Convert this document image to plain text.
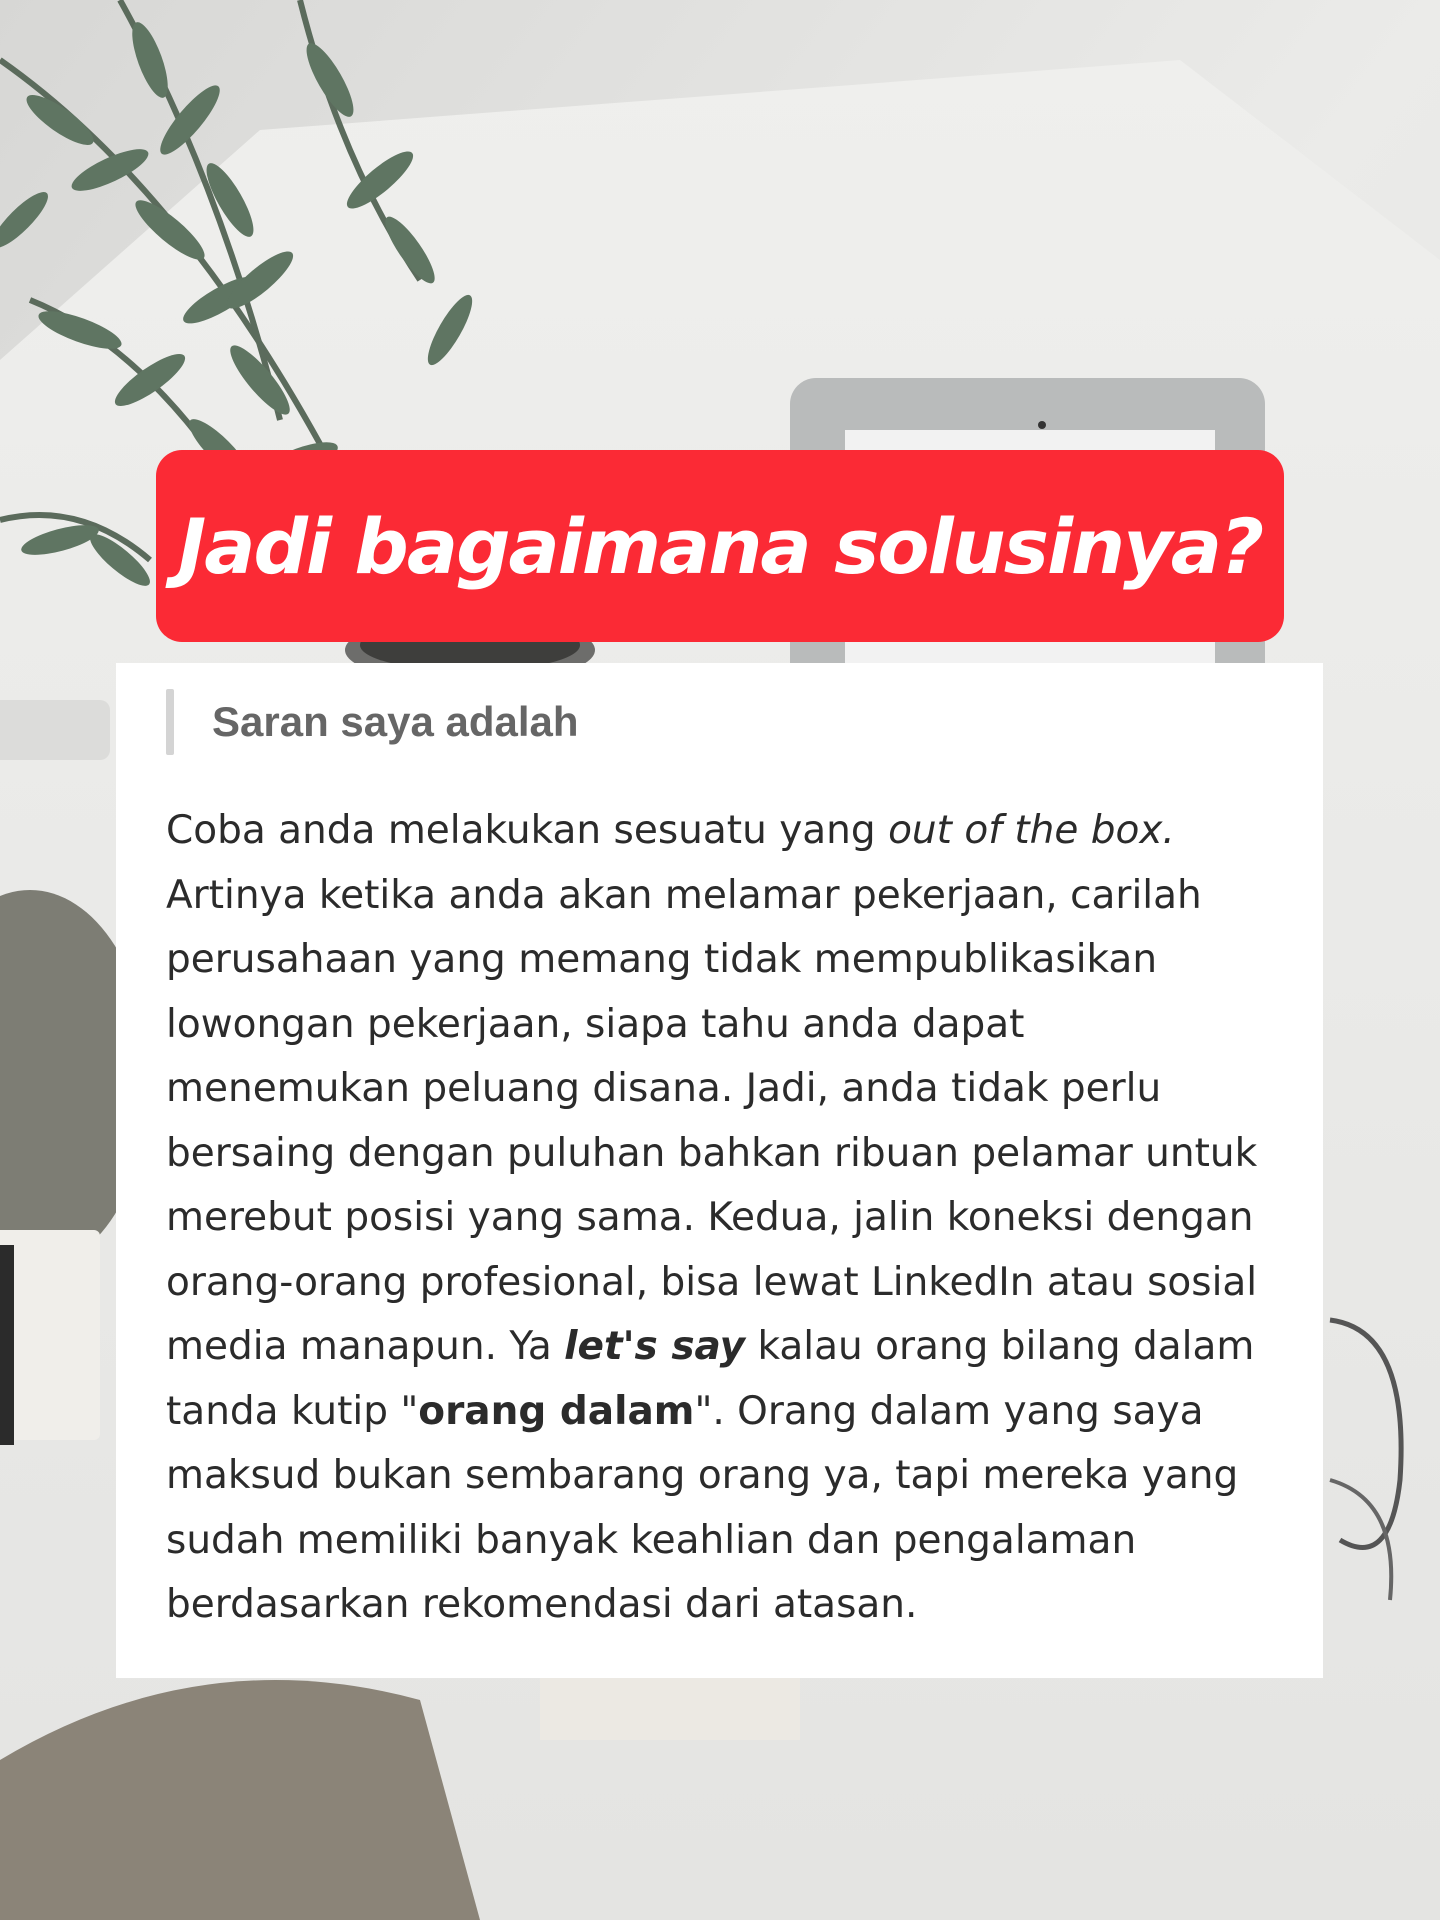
Jadi bagaimana solusinya?
Saran saya adalah
Coba anda melakukan sesuatu yang out of the box. Artinya ketika anda akan melamar pekerjaan, carilah perusahaan yang memang tidak mempublikasikan lowongan pekerjaan, siapa tahu anda dapat menemukan peluang disana. Jadi, anda tidak perlu bersaing dengan puluhan bahkan ribuan pelamar untuk merebut posisi yang sama. Kedua, jalin koneksi dengan orang-orang profesional, bisa lewat LinkedIn atau sosial media manapun. Ya let's say kalau orang bilang dalam tanda kutip "orang dalam". Orang dalam yang saya maksud bukan sembarang orang ya, tapi mereka yang sudah memiliki banyak keahlian dan pengalaman berdasarkan rekomendasi dari atasan.
